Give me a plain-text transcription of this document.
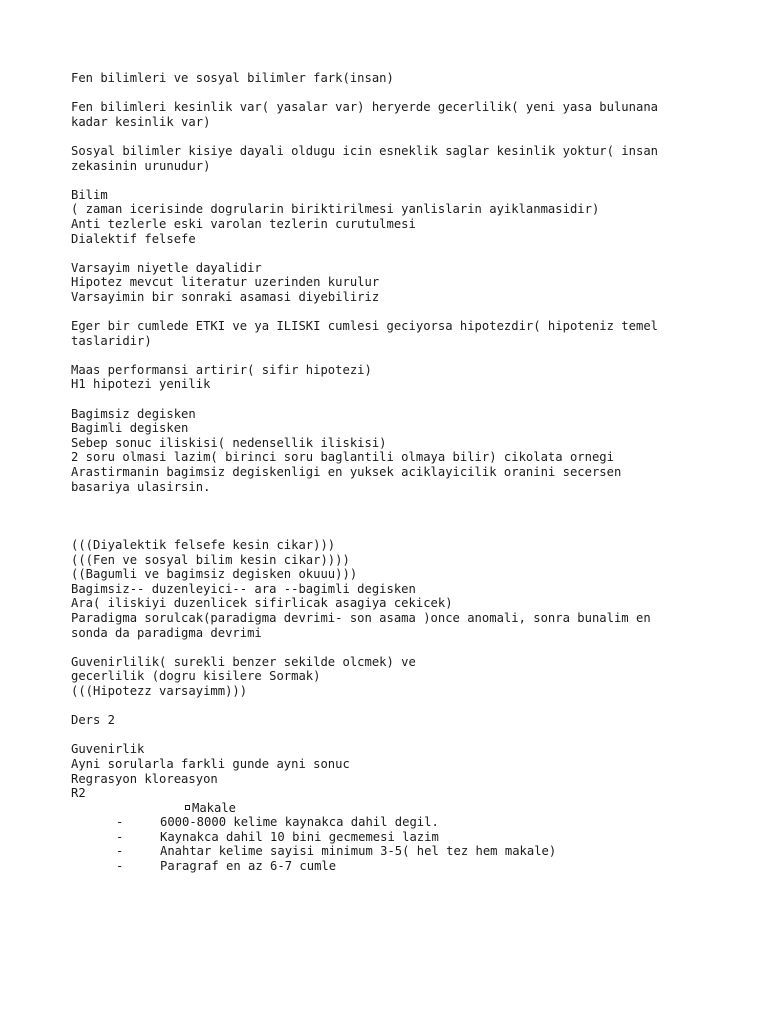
Fen bilimleri ve sosyal bilimler fark(insan)
Fen bilimleri kesinlik var( yasalar var) heryerde gecerlilik( yeni yasa bulunana
kadar kesinlik var)
Sosyal bilimler kisiye dayali oldugu icin esneklik saglar kesinlik yoktur( insan
zekasinin urunudur)
Bilim
( zaman icerisinde dogrularin biriktirilmesi yanlislarin ayiklanmasidir)
Anti tezlerle eski varolan tezlerin curutulmesi
Dialektif felsefe
Varsayim niyetle dayalidir
Hipotez mevcut literatur uzerinden kurulur
Varsayimin bir sonraki asamasi diyebiliriz
Eger bir cumlede ETKI ve ya ILISKI cumlesi geciyorsa hipotezdir( hipoteniz temel
taslaridir)
Maas performansi artirir( sifir hipotezi)
H1 hipotezi yenilik
Bagimsiz degisken
Bagimli degisken
Sebep sonuc iliskisi( nedensellik iliskisi)
2 soru olmasi lazim( birinci soru baglantili olmaya bilir) cikolata ornegi
Arastirmanin bagimsiz degiskenligi en yuksek aciklayicilik oranini secersen
basariya ulasirsin.
(((Diyalektik felsefe kesin cikar)))
(((Fen ve sosyal bilim kesin cikar))))
((Bagumli ve bagimsiz degisken okuuu)))
Bagimsiz-- duzenleyici-- ara --bagimli degisken
Ara( iliskiyi duzenlicek sifirlicak asagiya cekicek)
Paradigma sorulcak(paradigma devrimi- son asama )once anomali, sonra bunalim en
sonda da paradigma devrimi
Guvenirlilik( surekli benzer sekilde olcmek) ve
gecerlilik (dogru kisilere Sormak)
(((Hipotezz varsayimm)))
Ders 2
Guvenirlik
Ayni sorularla farkli gunde ayni sonuc
Regrasyon kloreasyon
R2
Makale
-	6000-8000 kelime kaynakca dahil degil.
-	Kaynakca dahil 10 bini gecmemesi lazim
-	Anahtar kelime sayisi minimum 3-5( hel tez hem makale)
-	Paragraf en az 6-7 cumle
